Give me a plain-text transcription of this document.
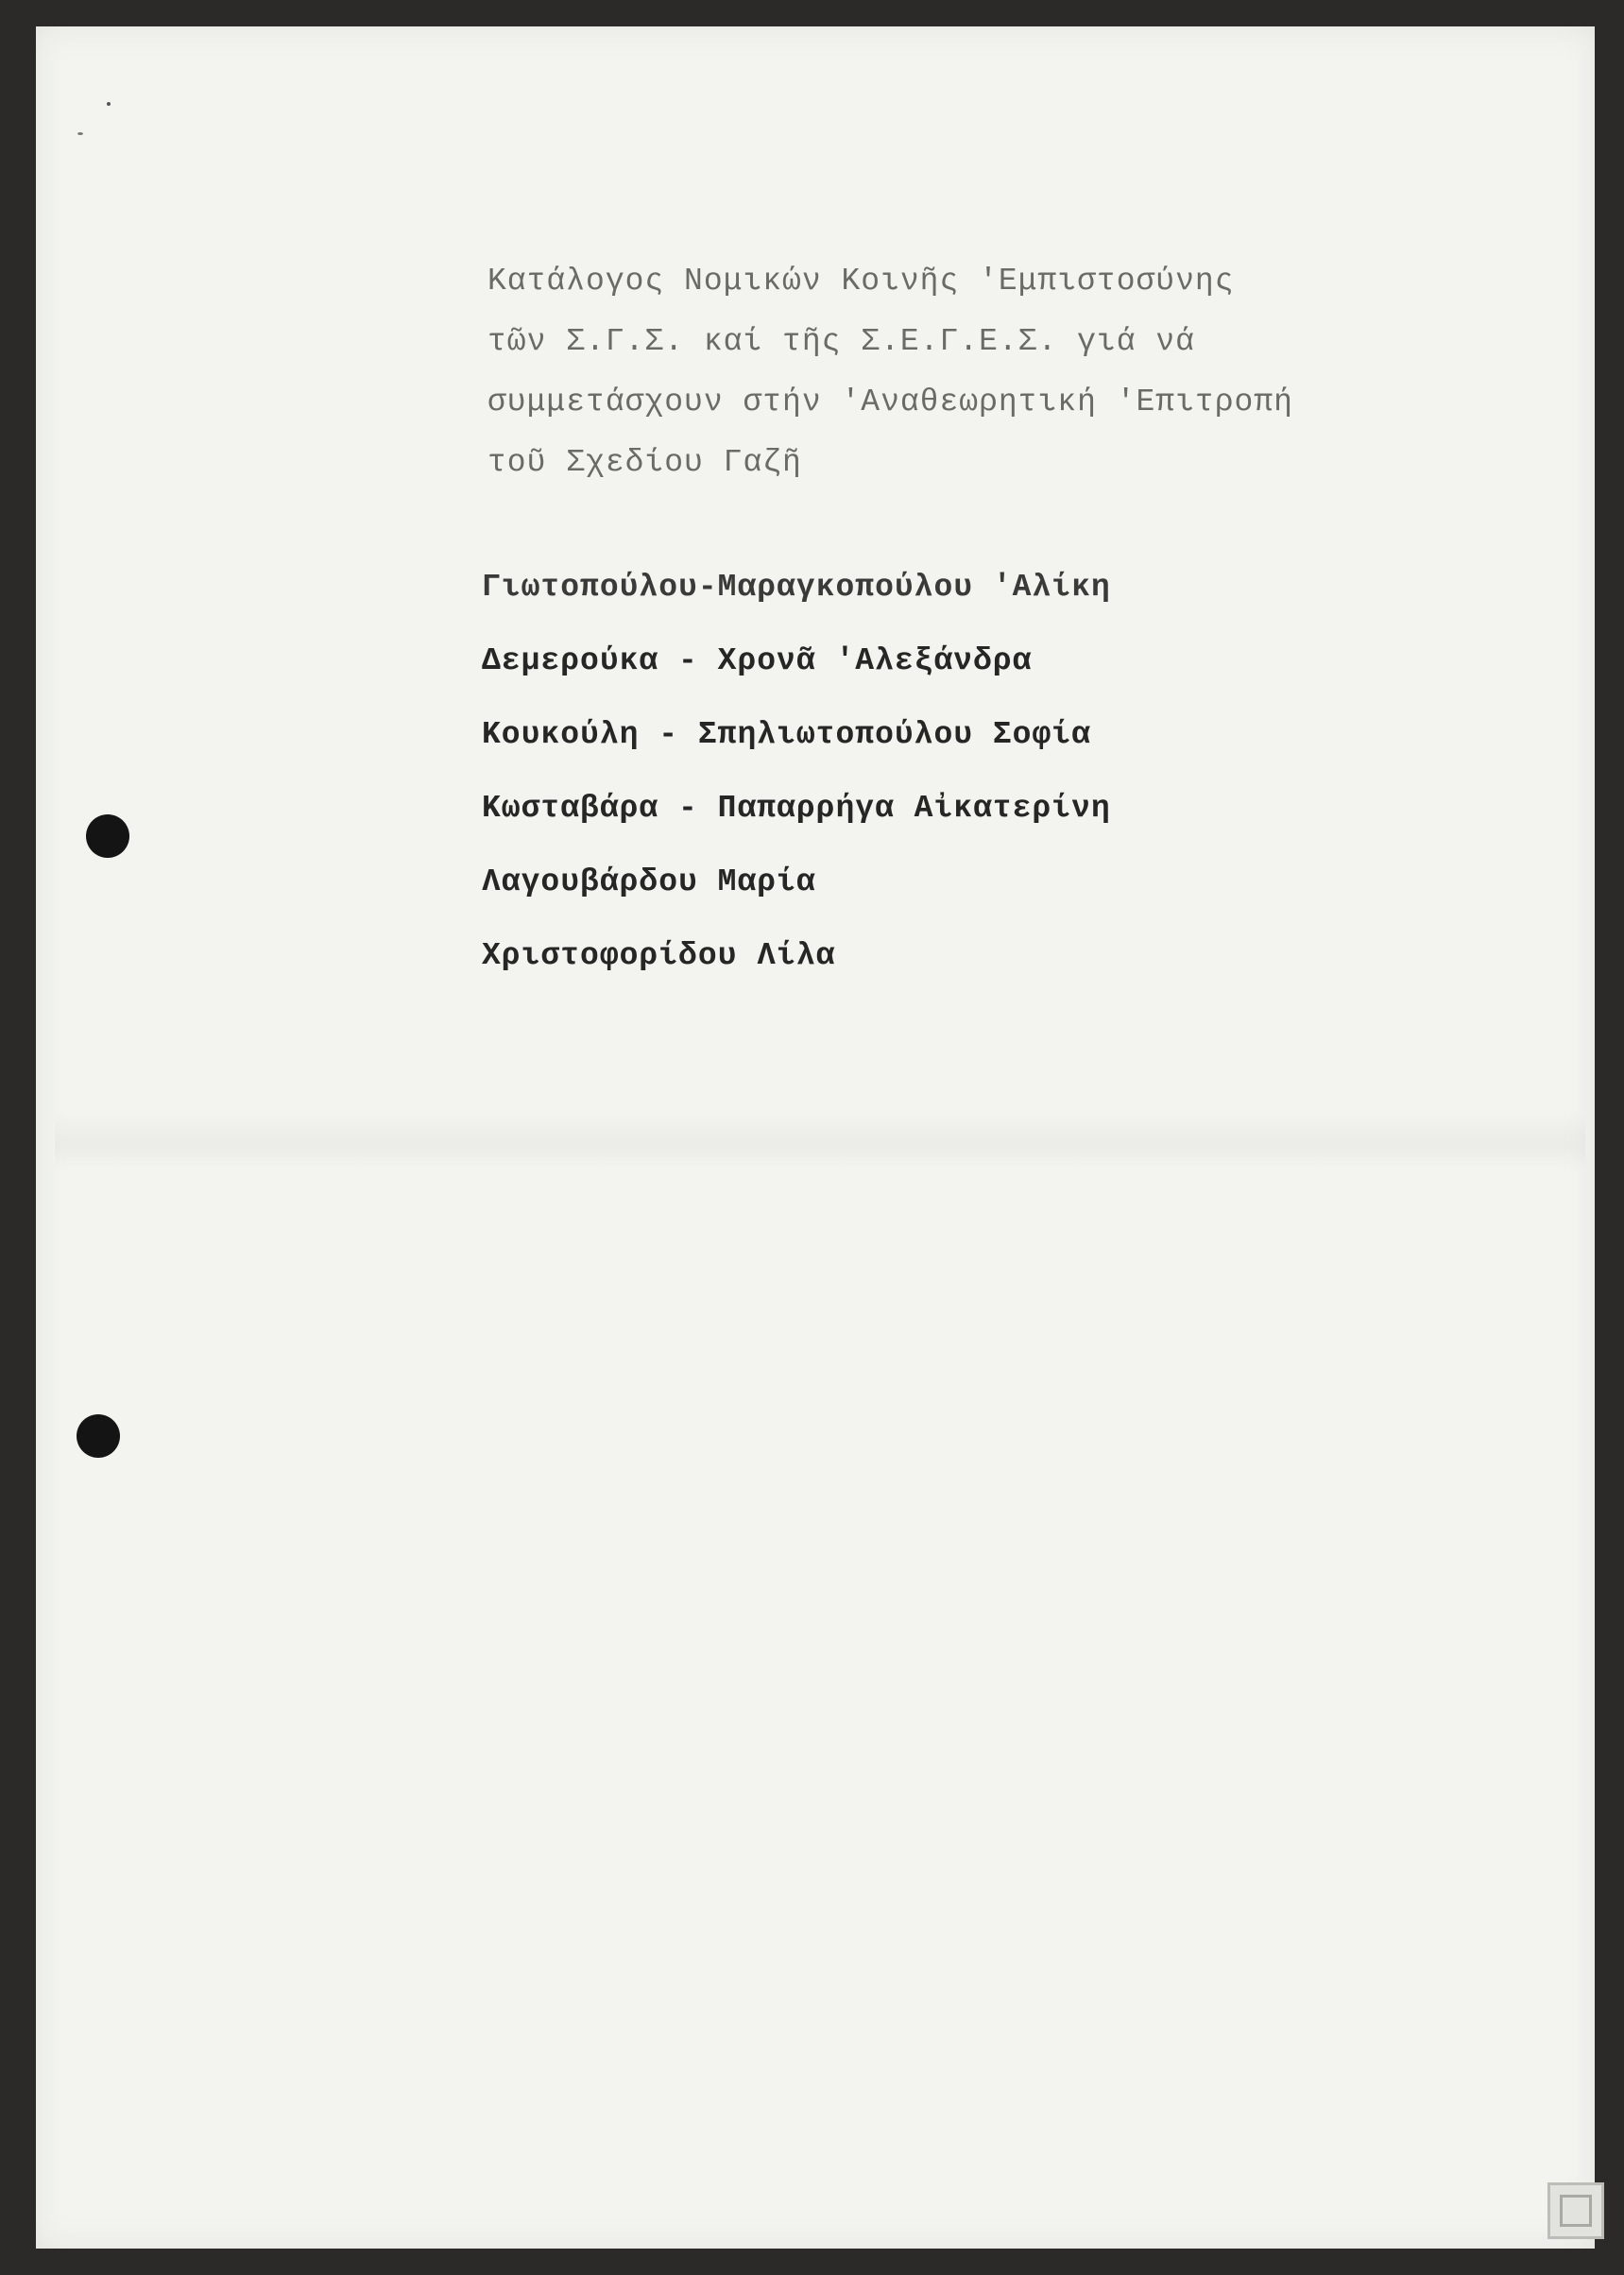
Κατάλογος Νομικών Κοινῆς 'Εμπιστοσύνης
τῶν Σ.Γ.Σ. καί τῆς Σ.Ε.Γ.Ε.Σ. γιά νά
συμμετάσχουν στήν 'Αναθεωρητική 'Επιτροπή
τοῦ Σχεδίου Γαζῆ
Γιωτοπούλου-Μαραγκοπούλου 'Αλίκη
Δεμερούκα - Χρονᾶ 'Αλεξάνδρα
Κουκούλη - Σπηλιωτοπούλου Σοφία
Κωσταβάρα - Παπαρρήγα Αἰκατερίνη
Λαγουβάρδου Μαρία
Χριστοφορίδου Λίλα
